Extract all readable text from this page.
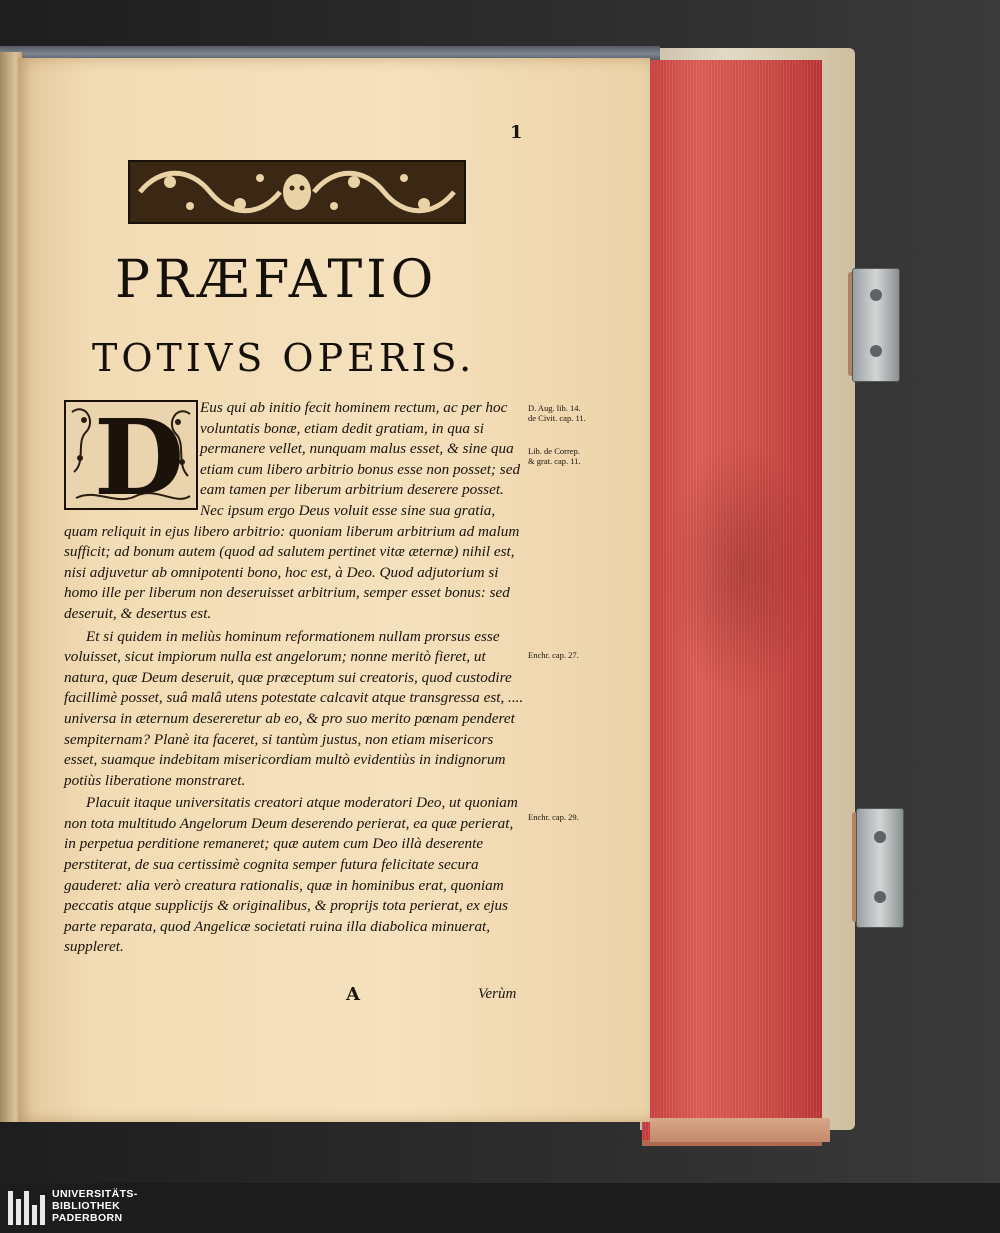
1
PRÆFATIO
TOTIVS OPERIS.

Eus qui ab initio fecit hominem rectum, ac per hoc voluntatis bonæ, etiam dedit gratiam, in qua si permanere vellet, nunquam malus esset, & sine qua etiam cum libero arbitrio bonus esse non posset; sed eam tamen per liberum arbitrium deserere posset. Nec ipsum ergo Deus voluit esse sine sua gratia, quam reliquit in ejus libero arbitrio: quoniam liberum arbitrium ad malum sufficit; ad bonum autem (quod ad salutem pertinet vitæ æternæ) nihil est, nisi adjuvetur ab omnipotenti bono, hoc est, à Deo. Quod adjutorium si homo ille per liberum non deseruisset arbitrium, semper esset bonus: sed deseruit, & desertus est.

Et si quidem in meliùs hominum reformationem nullam prorsus esse voluisset, sicut impiorum nulla est angelorum; nonne meritò fieret, ut natura, quæ Deum deseruit, quæ præceptum sui creatoris, quod custodire facillimè posset, suâ malâ utens potestate calcavit atque transgressa est, .... universa in æternum desereretur ab eo, & pro suo merito pœnam penderet sempiternam? Planè ita faceret, si tantùm justus, non etiam misericors esset, suamque indebitam misericordiam multò evidentiùs in indignorum potiùs liberatione monstraret.

Placuit itaque universitatis creatori atque moderatori Deo, ut quoniam non tota multitudo Angelorum Deum deserendo perierat, ea quæ perierat, in perpetua perditione remaneret; quæ autem cum Deo illà deserente perstiterat, de sua certissimè cognita semper futura felicitate secura gauderet: alia verò creatura rationalis, quæ in hominibus erat, quoniam peccatis atque supplicijs & originalibus, & proprijs tota perierat, ex ejus parte reparata, quod Angelicæ societati ruina illa diabolica minuerat, suppleret.

D	D. Aug. lib. 14. de Civit. cap. 11.
Lib. de Correp. & grat. cap. 11.
Enchr. cap. 27.
Enchr. cap. 29.
A	Verùm
UNIVERSITÄTS-
BIBLIOTHEK
PADERBORN
